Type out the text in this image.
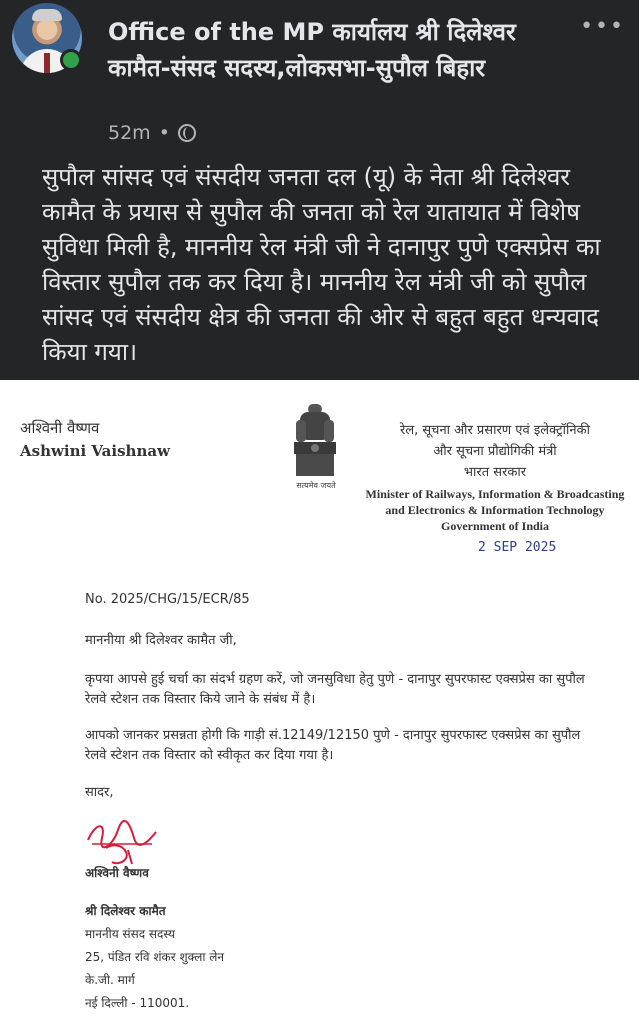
Office of the MP कार्यालय श्री दिलेश्वर कामैत-संसद सदस्य,लोकसभा-सुपौल बिहार
52m •
•••
सुपौल सांसद एवं संसदीय जनता दल (यू) के नेता श्री दिलेश्वर कामैत के प्रयास से सुपौल की जनता को रेल यातायात में विशेष सुविधा मिली है, माननीय रेल मंत्री जी ने दानापुर पुणे एक्सप्रेस का विस्तार सुपौल तक कर दिया है। माननीय रेल मंत्री जी को सुपौल सांसद एवं संसदीय क्षेत्र की जनता की ओर से बहुत बहुत धन्यवाद किया गया।
अश्विनी वैष्णव
Ashwini Vaishnaw
सत्यमेव जयते
रेल, सूचना और प्रसारण एवं इलेक्ट्रॉनिकी
और सूचना प्रौद्योगिकी मंत्री
भारत सरकार
Minister of Railways, Information & Broadcasting
and Electronics & Information Technology
Government of India
2 SEP 2025
No. 2025/CHG/15/ECR/85
माननीया श्री दिलेश्वर कामैत जी,
कृपया आपसे हुई चर्चा का संदर्भ ग्रहण करें, जो जनसुविधा हेतु पुणे - दानापुर सुपरफास्ट एक्सप्रेस का सुपौल रेलवे स्टेशन तक विस्तार किये जाने के संबंध में है।
आपको जानकर प्रसन्नता होगी कि गाड़ी सं.12149/12150 पुणे - दानापुर सुपरफास्ट एक्सप्रेस का सुपौल रेलवे स्टेशन तक विस्तार को स्वीकृत कर दिया गया है।
सादर,
अश्विनी वैष्णव
श्री दिलेश्वर कामैत
माननीय संसद सदस्य
25, पंडित रवि शंकर शुक्ला लेन
के.जी. मार्ग
नई दिल्ली - 110001.
